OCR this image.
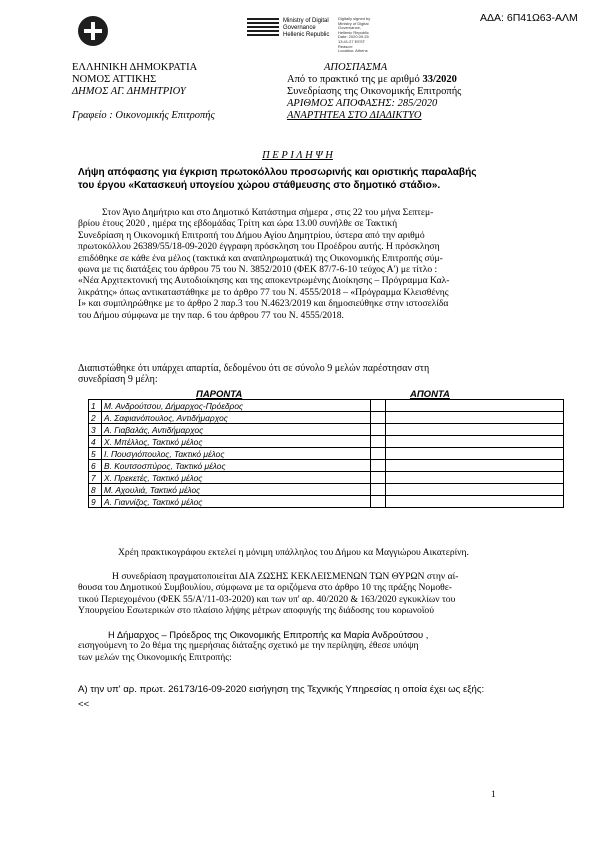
ΑΔΑ: 6Π41Ω63-ΑΛΜ
Ministry of Digital
Governance
Hellenic Republic
Digitally signed by
Ministry of Digital
Governance,
Hellenic Republic
Date: 2020.09.25
13:41:27 EEST
Reason:
Location: Athens
ΕΛΛΗΝΙΚΗ ΔΗΜΟΚΡΑΤΙΑ
ΝΟΜΟΣ ΑΤΤΙΚΗΣ
ΔΗΜΟΣ ΑΓ. ΔΗΜΗΤΡΙΟΥ
Γραφείο : Οικονομικής Επιτροπής
ΑΠΟΣΠΑΣΜΑ
Από το πρακτικό της με αριθμό 33/2020
Συνεδρίασης της Οικονομικής Επιτροπής
ΑΡΙΘΜΟΣ ΑΠΟΦΑΣΗΣ: 285/2020
ΑΝΑΡΤΗΤΕΑ ΣΤΟ ΔΙΑΔΙΚΤΥΟ
Π Ε Ρ Ι Λ Η Ψ Η
Λήψη απόφασης για έγκριση πρωτοκόλλου προσωρινής και οριστικής παραλαβής
του έργου «Κατασκευή υπογείου χώρου στάθμευσης στο δημοτικό στάδιο».
Στον Άγιο Δημήτριο και στο Δημοτικό Κατάστημα σήμερα , στις 22 του μήνα Σεπτεμ-
βρίου έτους 2020 , ημέρα της εβδομάδας Τρίτη και ώρα 13.00 συνήλθε σε Τακτική
Συνεδρίαση η Οικονομική Επιτροπή του Δήμου Αγίου Δημητρίου, ύστερα από την αριθμό
πρωτοκόλλου 26389/55/18-09-2020 έγγραφη πρόσκληση του Προέδρου αυτής. Η πρόσκληση
επιδόθηκε σε κάθε ένα μέλος (τακτικά και αναπληρωματικά) της Οικονομικής Επιτροπής σύμ-
φωνα με τις διατάξεις του άρθρου 75 του Ν. 3852/2010 (ΦΕΚ 87/7-6-10 τεύχος Α') με τίτλο :
«Νέα Αρχιτεκτονική της Αυτοδιοίκησης και της αποκεντρωμένης Διοίκησης – Πρόγραμμα Καλ-
λικράτης» όπως αντικαταστάθηκε με το άρθρο 77 του Ν. 4555/2018 – «Πρόγραμμα Κλεισθένης
Ι» και συμπληρώθηκε με το άρθρο 2 παρ.3 του Ν.4623/2019 και δημοσιεύθηκε στην ιστοσελίδα
του Δήμου σύμφωνα με την παρ. 6 του άρθρου 77 του Ν. 4555/2018.
Διαπιστώθηκε ότι υπάρχει απαρτία, δεδομένου ότι σε σύνολο 9 μελών παρέστησαν στη
συνεδρίαση 9 μέλη:
ΠΑΡΟΝΤΑ	ΑΠΟΝΤΑ
1	Μ. Ανδρούτσου, Δήμαρχος-Πρόεδρος		
2	Α. Σαφιανόπουλος, Αντιδήμαρχος		
3	Α. Γιαβαλάς, Αντιδήμαρχος		
4	Χ. Μπέλλος, Τακτικό μέλος		
5	Ι. Πουσγιόπουλος, Τακτικό μέλος		
6	Β. Κουτσοσπύρος, Τακτικό μέλος		
7	Χ. Πρεκετές, Τακτικό μέλος		
8	Μ. Αχουλιά, Τακτικό μέλος		
9	Α. Γιαννίζος, Τακτικό μέλος		
Χρέη πρακτικογράφου εκτελεί η μόνιμη υπάλληλος του Δήμου κα Μαγγιώρου Αικατερίνη.
Η συνεδρίαση πραγματοποιείται ΔΙΑ ΖΩΣΗΣ ΚΕΚΛΕΙΣΜΕΝΩΝ ΤΩΝ ΘΥΡΩΝ στην αί-
θουσα του Δημοτικού Συμβουλίου, σύμφωνα με τα οριζόμενα στο άρθρο 10 της πράξης Νομοθε-
τικού Περιεχομένου (ΦΕΚ 55/Α'/11-03-2020) και των υπ' αρ. 40/2020 & 163/2020 εγκυκλίων του
Υπουργείου Εσωτερικών στο πλαίσιο λήψης μέτρων αποφυγής της διάδοσης του κορωνοϊού
Η Δήμαρχος – Πρόεδρος της Οικονομικής Επιτροπής κα Μαρία Ανδρούτσου ,
εισηγούμενη το 2ο θέμα της ημερήσιας διάταξης σχετικό με την περίληψη, έθεσε υπόψη
των μελών της Οικονομικής Επιτροπής:
Α) την υπ' αρ. πρωτ. 26173/16-09-2020 εισήγηση της Τεχνικής Υπηρεσίας η οποία έχει ως εξής:
<<
1
